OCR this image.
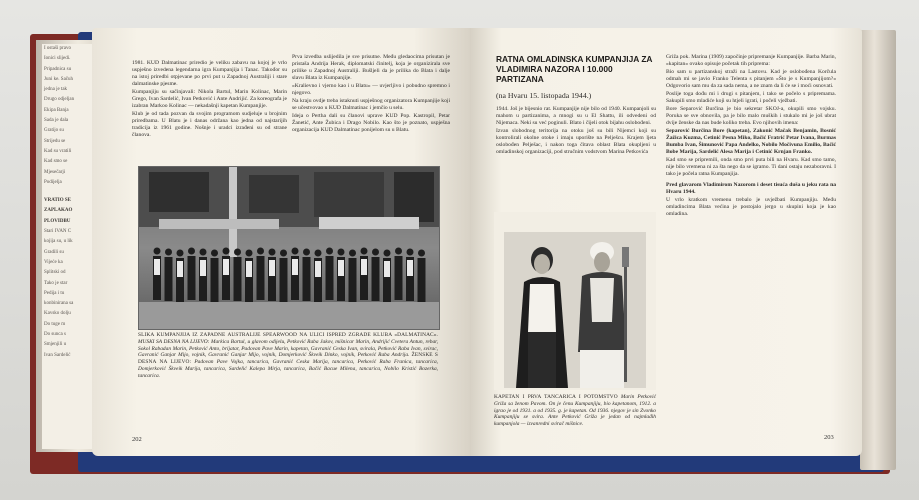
I ostaši pravo

Ionici slijedi.

Pripadnica su

Juni ke. Sačuh

jedna je tak

Drugo odjeljan

Ekipa Banja

Sada je dala

Gratijo su

Strijedu se

Kad su vratili

Kad smo se

Mjesečarji

Podijelja

VRATIO SE

ZAPLAKAO

PLOVIDBU

Stari IVAN C

kojija su, u lik

Gradili su

Vijeće ka

Splitski od

Tako je star

Pedija i tu

konbinirana sa

Kavsko dolju

Do tuge m

Do sunca s

Smjenjili u

Ivan Sardelić

1981. KUD Dalmatinac priredio je veliku zabavu na kojoj je vrlo uspješno izvedena legendarna igra Kumpanjija i Tanac. Takođor su na istoj priredbi otpjevane po prvi put u Zapadnoj Australiji i stare dalmatinske pjesme.

Kumpanjiju su sačinjavali: Nikola Bartul, Marin Kolinac, Marin Grego, Ivan Sardelić, Ivan Petković i Ante Andrijić. Za koreografa je izabran Markoo Kolinac — nekadašnji kapetan Kumpanjije.

Klub je od tada pozvan da svojim programom sudjeluje u brojnim priredbama. U Blatu je i danas održana kao jedna od najstarijih tradicija iz 1961 godine. Nošnje i uradci izrađeni su od strane članova.

Prva izvedba uslijedila je sve prisutne. Među gledaocima prisutan je pristaša Andrija Herak, diplomatski činitelj, koja je organizirala sve prilike u Zapadnoj Australiji. Bušljeli da je prilika do Blata i dalje slavu Blata iz Kumpanjije.

»Kralievno i vjerno kao i u Blatu« — uvjerljivo i pobudno spremno i njegovo.

Na kraju ovdje treba istaknuti uspješnog organizatora Kumpanjije koji se učestvovao u KUD Dalmatinac i jemčio u selu.

Ideja o Pertha dali su članovi uprave KUD Pop. Kastropil, Petar Žanetić, Ante Žubica i Drago Nobilo. Kao što je poznato, uspješna organizacija KUD Dalmatinac ponijelom su u Blatu.

SLIKA KUMPANJIJA IZ ZAPADNE AUSTRALIJE SPEARWOOD NA ULICI ISPRED ZGRADE KLUBA »DALMATINAC«. MUSKI SA DESNA NA LIJEVO: Markica Bartul, u glavom odijelu, Petković Raba Jakov, mišnicar Marin, Andrijić Cvetera Antun, rebar, Sokol Rabadan Marin, Petković Anto, brijatar, Padovan Pave Marin, kapetan, Gavranić Ceska Ivan, svirala, Petković Raba Ivan, svirac, Gavranić Ganjar Mijo, vojnik, Gavranić Ganjar Mijo, vojnik, Domjerković Škveik Dinko, vojnik, Petković Raba Andrija. ŽENSKE S DESNA NA LIJEVO: Padovan Pave Vojka, tancarica, Gavranić Ceska Marija, tancarica, Petković Raba Franica, tancarica, Domjerković Škveik Marija, tancarica, Sardelić Kalepa Mirja, tancarica, Bačić Bacue Milena, tancarica, Nobilo Kristić Bozerka, tancarica.
202
RATNA OMLADINSKA KUMPANJIJA ZA VLADIMIRA NAZORA I 10.000 PARTIZANA
(na Hvaru 15. listopada 1944.)

1944. Još je bijesnio rat. Kumpanjije nije bilo od 1940. Kumpanjoli su mahom u partizanima, a mnogi su u El Shattu, ili odvedeni od Nijemaca. Neki su već poginuli. Blato i čijeli otok bijahu oslobođeni.

Izvan slobodnog teritorija na otoku još su bili Nijemci koji su kontrolirali okolne otoke i imaju uporište na Pelješcu. Krajem ljeta oslobođen Pelješac, i nakon toga čitava oblast Blata okupljeni u omladinskoj organizaciji, pod stručnim vodstvom Marina Petkovića

KAPETAN I PRVA TANCARICA I POTOMSTVO Marin Petković Griža sa ženom Pavom. On je čenu Kumpanjiju, bio kapetanom, 1912. a igrao je od 1931. a od 1935. g. je kapetan. Od 1936. njegov je sin Zvonko Kumpanjiju se svira. Ante Petković Griža je jedan od najmlađih kumpanjola — izvanredni svirač mišnice.

Griža pok. Marina (1909) započinje pripremanje Kumpanjije. Barba Marin, »kapitan« ovako opisuje početak tih priprema:

Bio sam u partizanskoj straži na Lastovu. Kad je oslobođena Korčula odmah mi se javio Franko Telenta s pitanjem »Što je s Kumpanjijom?« Odgovorio sam mu da za sada nema, a ne znam da li će se i moći osnovati.

Poslije toga dođu mi i drugi s pitanjem, i tako se počelo s pripremama. Sakupili smo mladiće koji su htjeli igrati, i počeli vježbati.

Bore Separović Burčina je bio sekretar SKOJ-a, okupili smo vojsku. Poruka se sve obnovila, pa je bilo malo muških i stukalo mi je još ubrat dvije ženske da nas bude koliko treba. Evo njihovih imena:

Separović Burčina Bore (kapetan), Zakonić Mačak Benjamin, Bosnić Žažica Kuzma, Cetinić Pesna Miko, Bačić Fratrić Petar Ivana, Burmas Bumba Ivan, Šimunović Papa Anđelko, Nobilo Močivuna Emilio, Bačić Bobe Marija, Sardelić Alesa Marija i Cetinić Krnjan Franko.

Kad smo se pripremili, onda smo prvi puta bili na Hvaru. Kad smo tamo, nije bilo vremena ni za šta nego da se igramo. Ti dani ostaju nezaboravni. I tako je počela ratna Kumpanjija.

Pred glavarom Vladimirom Nazorom i deset tisuća duša u jeku rata na Hvaru 1944.

U vrlo kratkom vremenu trebalo je uvježbati Kumpanjiju. Među omladincima Blata većina je postojalo jergo u skupini koja je kao omladina.

203
